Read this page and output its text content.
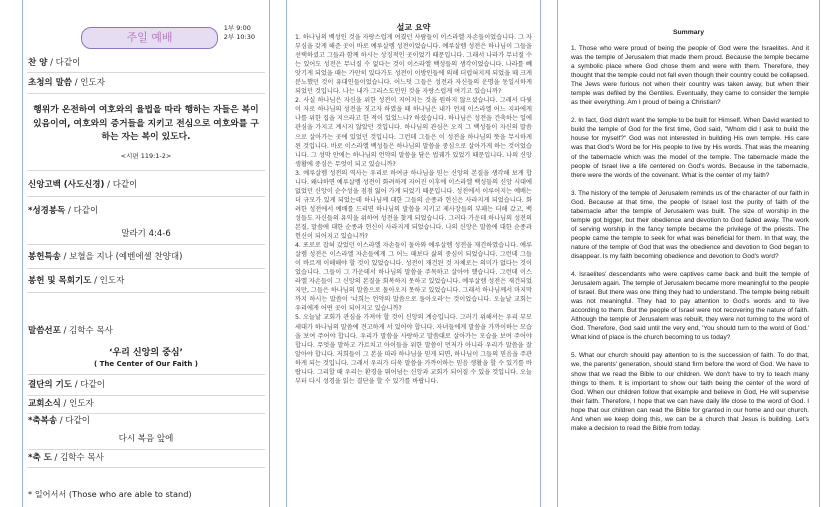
주일 예배
1부 9:00
2부 10:30
찬 양 / 다같이
초청의 말씀 / 인도자
행위가 온전하여 여호와의 율법을 따라 행하는 자들은 복이 있음이여, 여호와의 증거들을 지키고 전심으로 여호와를 구하는 자는 복이 있도다.
<시편 119:1-2>
신앙고백 (사도신경) / 다같이
*성경봉독 / 다같이
말라기 4:4-6
봉헌특송 / 보혈을 지나 (예벤에셀 찬양대)
봉헌 및 목회기도 / 인도자
말씀선포 / 김학수 목사
‘우리 신앙의 중심’
( The Center of Our Faith )
결단의 기도 / 다같이
교회소식 / 인도자
*축복송 / 다같이
다시 복음 앞에
*축 도 / 김학수 목사
* 일어서서 (Those who are able to stand)
설교 요약

1. 하나님의 백성인 것을 자랑스럽게 여겼던 사람들이 이스라엘 자손들이었습니다. 그 자부심을 갖게 해준 곳이 바로 예루살렘 성전이었습니다. 예루살렘 성전은 하나님이 그들을 선택하셨고 그들과 함께 하시는 상징적인 곳이었기 때문입니다. 그래서 나라가 무너질 수는 있어도 성전은 무너질 수 없다는 것이 이스라엘 백성들의 생각이었습니다. 나라를 빼앗기게 되었을 때는 가만히 있다가도 성전이 이방인들에 의해 더럽혀지게 되었을 때 크게 분노했던 것이 유대인들이었습니다. 어느덧 그들은 성전과 자신들의 운명을 동일시하게 되었던 것입니다. 나는 내가 그리스도인인 것을 자랑스럽게 여기고 있습니까?

2. 사실 하나님은 자신을 위한 성전이 지어지는 것을 원하지 않으셨습니다. 그래서 다윗이 자로 하나님의 성전을 짓고자 하였을 때 하나님은 내가 언제 이스라엘 어느 지파에게 나를 위한 집을 지으라고 한 적이 있었느냐? 하셨습니다. 하나님은 성전을 건축하는 일에 관심을 가지고 계시지 않았던 것입니다. 하나님의 관심은 오직 그 백성들이 자신의 말씀으로 살아가는 곳에 있었던 것입니다. 그런데 그들은 이 성전을 하나님의 뜻을 무시하게 된 것입니다. 바로 이스라엘 백성들은 하나님의 말씀을 중심으로 살아가게 하는 것이었습니다. 그 성막 안에는 하나님의 언약의 말씀을 담은 법궤가 있었기 때문입니다. 나의 신앙 생활에 중심은 무엇이 되고 있습니까?

3. 예루살렘 성전의 역사는 우리로 하여금 하나님을 믿는 신앙의 본질을 생각해 보게 합니다. 왜냐하면 예루살렘 성전이 화려하게 지어진 이후에 이스라엘 백성들의 신앙 시대에 없었던 신앙이 순수성을 점점 잃어 가게 되었기 때문입니다. 성전에서 이루어지는 예배는 더 규모가 있게 되었는데 하나님께 대한 그들의 순종과 헌신은 사라지게 되었습니다. 화려한 성전에서 예배를 드리면 하나님의 말씀을 지키고 제사장들의 부패는 더해 갔고, 백성들도 자신들의 유익을 위하여 성전을 찾게 되었습니다. 그러다 가운데 하나님의 성전의 본질, 말씀에 대한 순종과 헌신이 사라지게 되었습니다. 나의 신앙은 말씀에 대한 순종과 헌신이 되어지고 있습니까?

4. 포로로 잡혀 갔었던 이스라엘 자손들이 돌아와 예루살렘 성전을 재건하였습니다. 예루살렘 성전은 이스라엘 자손들에게 그 어느 때보다 삶의 중심이 되었습니다. 그런데 그들이 바르게 이해해야 할 것이 있었습니다. 성전이 재건된 것 자체로는 의미가 없다는 것이었습니다. 그들이 그 가운데서 하나님의 말씀을 주목하고 살아야 했습니다. 그런데 이스라엘 자손들이 그 신앙의 본질을 회복하지 못하고 있었습니다. 예루살렘 성전은 재건되었지만, 그들은 하나님의 말씀으로 돌아오지 못하고 있었습니다. 그래서 하나님께서 마지막까지 하시는 말씀이 '너희는 언약의 말씀으로 돌아오라'는 것이었습니다. 오늘날 교회는 우리에게 어떤 곳이 되어지고 있습니까?

5. 오늘날 교회가 관심을 가져야 할 것이 신앙의 계승입니다. 그러기 위해서는 우리 부모 세대가 하나님의 말씀에 견고하게 서 있어야 합니다. 자녀들에게 말씀을 가까이하는 모습을 보여 주어야 합니다. 우리가 말씀을 사랑하고 말씀대로 살아가는 모습을 보여 주어야 합니다. 무엇을 말하고 가르치고 아이들을 위한 말씀이 먼저가 아니라 우리가 말씀을 잘 알아야 합니다. 저희들이 그 본을 따라 하나님을 믿게 되면, 하나님이 그들의 믿음을 주관하게 되는 것입니다. 그래서 우리가 더욱 말씀을 가까이하는 믿음 생활을 할 수 있기를 바랍니다. 그리할 때 우리는 환경을 뛰어넘는 신앙과 교회가 되어질 수 있을 것입니다. 오늘부터 다시 성경을 읽는 결단을 할 수 있기를 바랍니다.

Summary

1. Those who were proud of being the people of God were the Israelites. And it was the temple of Jerusalem that made them proud. Because the temple became a symbolic place where God chose them and were with them. Therefore, they thought that the temple could not fall even though their country could be collapsed. The Jews were furious not when their country was taken away, but when their temple was defiled by the Gentiles. Eventually, they came to consider the temple as their everything. Am I proud of being a Christian?

2. In fact, God didn't want the temple to be built for Himself. When David wanted to build the temple of God for the first time, God said, "Whom did I ask to build the house for myself?" God was not interested in building His own temple. His care was that God's Word be for His people to live by His words. That was the meaning of the tabernacle which was the model of the temple. The tabernacle made the people of Israel live a life centered on God's words. Because in the tabernacle, there were the words of the covenant. What is the center of my faith?

3. The history of the temple of Jerusalem reminds us of the character of our faith in God. Because at that time, the people of Israel lost the purity of faith of the tabernacle after the temple of Jerusalem was built. The size of worship in the temple got bigger, but their obedience and devotion to God faded away. The work of serving worship in the fancy temple became the privilege of the priests. The people came the temple to seek for what was beneficial for them. In that way, the nature of the temple of God that was the obedience and devotion to God began to disappear. Is my faith becoming obedience and devotion to God's word?

4. Israelites' descendants who were captives came back and built the temple of Jerusalem again. The temple of Jerusalem became more meaningful to the people of Israel. But there was one thing they had to understand. The temple being rebuilt was not meaningful. They had to pay attention to God's words and to live according to them. But the people of Israel were not recovering the nature of faith. Although the temple of Jerusalem was rebuilt, they were not turning to the word of God. Therefore, God said until the very end, 'You should turn to the word of God.' What kind of place is the church becoming to us today?

5. What our church should pay attention to is the succession of faith. To do that, we, the parents' generation, should stand firm before the word of God. We have to show that we read the Bible to our children. We don't have to try to teach many things to them. It is important to show our faith being the center of the word of God. When our children follow that example and believe in God, He will supervise their faith. Therefore, I hope that we can have daily life close to the word of God. I hope that our children can read the Bible for granted in our home and our church. And when we keep doing this, we can be a church that Jesus is building. Let's make a decision to read the Bible from today.
